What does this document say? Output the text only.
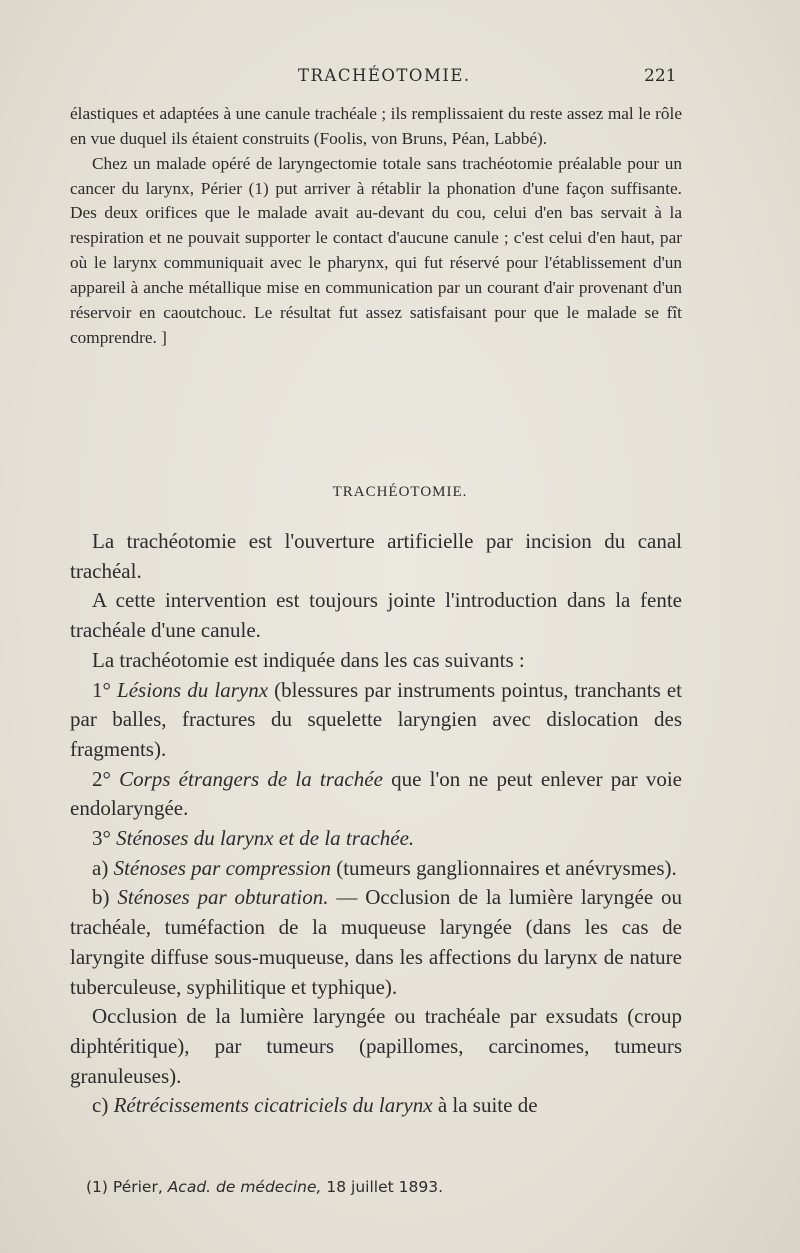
TRACHÉOTOMIE.	221

élastiques et adaptées à une canule trachéale ; ils remplissaient du reste assez mal le rôle en vue duquel ils étaient construits (Foolis, von Bruns, Péan, Labbé).

Chez un malade opéré de laryngectomie totale sans trachéotomie préalable pour un cancer du larynx, Périer (1) put arriver à rétablir la phonation d'une façon suffisante. Des deux orifices que le malade avait au-devant du cou, celui d'en bas servait à la respiration et ne pouvait supporter le contact d'aucune canule ; c'est celui d'en haut, par où le larynx communiquait avec le pharynx, qui fut réservé pour l'établissement d'un appareil à anche métallique mise en communication par un courant d'air provenant d'un réservoir en caoutchouc. Le résultat fut assez satisfaisant pour que le malade se fît comprendre. ]

TRACHÉOTOMIE.

La trachéotomie est l'ouverture artificielle par incision du canal trachéal.

A cette intervention est toujours jointe l'introduction dans la fente trachéale d'une canule.

La trachéotomie est indiquée dans les cas suivants :

1° Lésions du larynx (blessures par instruments pointus, tranchants et par balles, fractures du squelette laryngien avec dislocation des fragments).

2° Corps étrangers de la trachée que l'on ne peut enlever par voie endolaryngée.

3° Sténoses du larynx et de la trachée.

a) Sténoses par compression (tumeurs ganglionnaires et anévrysmes).

b) Sténoses par obturation. — Occlusion de la lumière laryngée ou trachéale, tuméfaction de la muqueuse laryngée (dans les cas de laryngite diffuse sous-muqueuse, dans les affections du larynx de nature tuberculeuse, syphilitique et typhique).

Occlusion de la lumière laryngée ou trachéale par exsudats (croup diphtéritique), par tumeurs (papillomes, carcinomes, tumeurs granuleuses).

c) Rétrécissements cicatriciels du larynx à la suite de

(1) Périer, Acad. de médecine, 18 juillet 1893.
